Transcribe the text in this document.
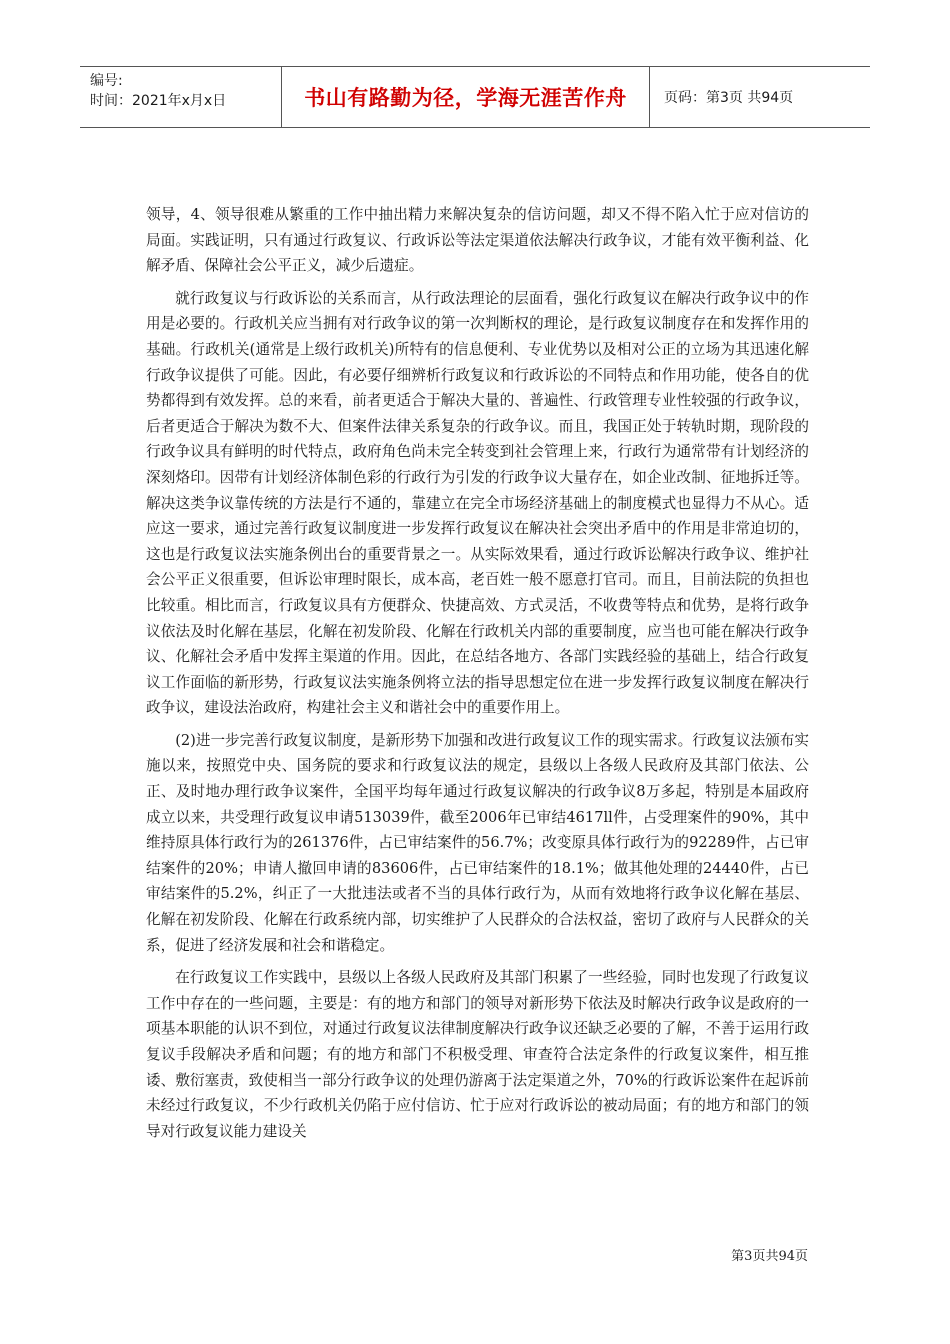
编号:
时间：2021年x月x日	书山有路勤为径，学海无涯苦作舟	页码：第3页 共94页

领导，4、领导很难从繁重的工作中抽出精力来解决复杂的信访问题，却又不得不陷入忙于应对信访的局面。实践证明，只有通过行政复议、行政诉讼等法定渠道依法解决行政争议，才能有效平衡利益、化解矛盾、保障社会公平正义，减少后遗症。

就行政复议与行政诉讼的关系而言，从行政法理论的层面看，强化行政复议在解决行政争议中的作用是必要的。行政机关应当拥有对行政争议的第一次判断权的理论，是行政复议制度存在和发挥作用的基础。行政机关(通常是上级行政机关)所特有的信息便利、专业优势以及相对公正的立场为其迅速化解行政争议提供了可能。因此，有必要仔细辨析行政复议和行政诉讼的不同特点和作用功能，使各自的优势都得到有效发挥。总的来看，前者更适合于解决大量的、普遍性、行政管理专业性较强的行政争议，后者更适合于解决为数不大、但案件法律关系复杂的行政争议。而且，我国正处于转轨时期，现阶段的行政争议具有鲜明的时代特点，政府角色尚未完全转变到社会管理上来，行政行为通常带有计划经济的深刻烙印。因带有计划经济体制色彩的行政行为引发的行政争议大量存在，如企业改制、征地拆迁等。解决这类争议靠传统的方法是行不通的，靠建立在完全市场经济基础上的制度模式也显得力不从心。适应这一要求，通过完善行政复议制度进一步发挥行政复议在解决社会突出矛盾中的作用是非常迫切的，这也是行政复议法实施条例出台的重要背景之一。从实际效果看，通过行政诉讼解决行政争议、维护社会公平正义很重要，但诉讼审理时限长，成本高，老百姓一般不愿意打官司。而且，目前法院的负担也比较重。相比而言，行政复议具有方便群众、快捷高效、方式灵活，不收费等特点和优势，是将行政争议依法及时化解在基层，化解在初发阶段、化解在行政机关内部的重要制度，应当也可能在解决行政争议、化解社会矛盾中发挥主渠道的作用。因此，在总结各地方、各部门实践经验的基础上，结合行政复议工作面临的新形势，行政复议法实施条例将立法的指导思想定位在进一步发挥行政复议制度在解决行政争议，建设法治政府，构建社会主义和谐社会中的重要作用上。

(2)进一步完善行政复议制度，是新形势下加强和改进行政复议工作的现实需求。行政复议法颁布实施以来，按照党中央、国务院的要求和行政复议法的规定，县级以上各级人民政府及其部门依法、公正、及时地办理行政争议案件，全国平均每年通过行政复议解决的行政争议8万多起，特别是本届政府成立以来，共受理行政复议申请513039件，截至2006年已审结4617ll件，占受理案件的90%，其中维持原具体行政行为的261376件，占已审结案件的56.7%；改变原具体行政行为的92289件，占已审结案件的20%；申请人撤回申请的83606件，占已审结案件的18.1%；做其他处理的24440件，占已审结案件的5.2%，纠正了一大批违法或者不当的具体行政行为，从而有效地将行政争议化解在基层、化解在初发阶段、化解在行政系统内部，切实维护了人民群众的合法权益，密切了政府与人民群众的关系，促进了经济发展和社会和谐稳定。

在行政复议工作实践中，县级以上各级人民政府及其部门积累了一些经验，同时也发现了行政复议工作中存在的一些问题，主要是：有的地方和部门的领导对新形势下依法及时解决行政争议是政府的一项基本职能的认识不到位，对通过行政复议法律制度解决行政争议还缺乏必要的了解，不善于运用行政复议手段解决矛盾和问题；有的地方和部门不积极受理、审查符合法定条件的行政复议案件，相互推诿、敷衍塞责，致使相当一部分行政争议的处理仍游离于法定渠道之外，70%的行政诉讼案件在起诉前未经过行政复议，不少行政机关仍陷于应付信访、忙于应对行政诉讼的被动局面；有的地方和部门的领导对行政复议能力建设关

第3页共94页
